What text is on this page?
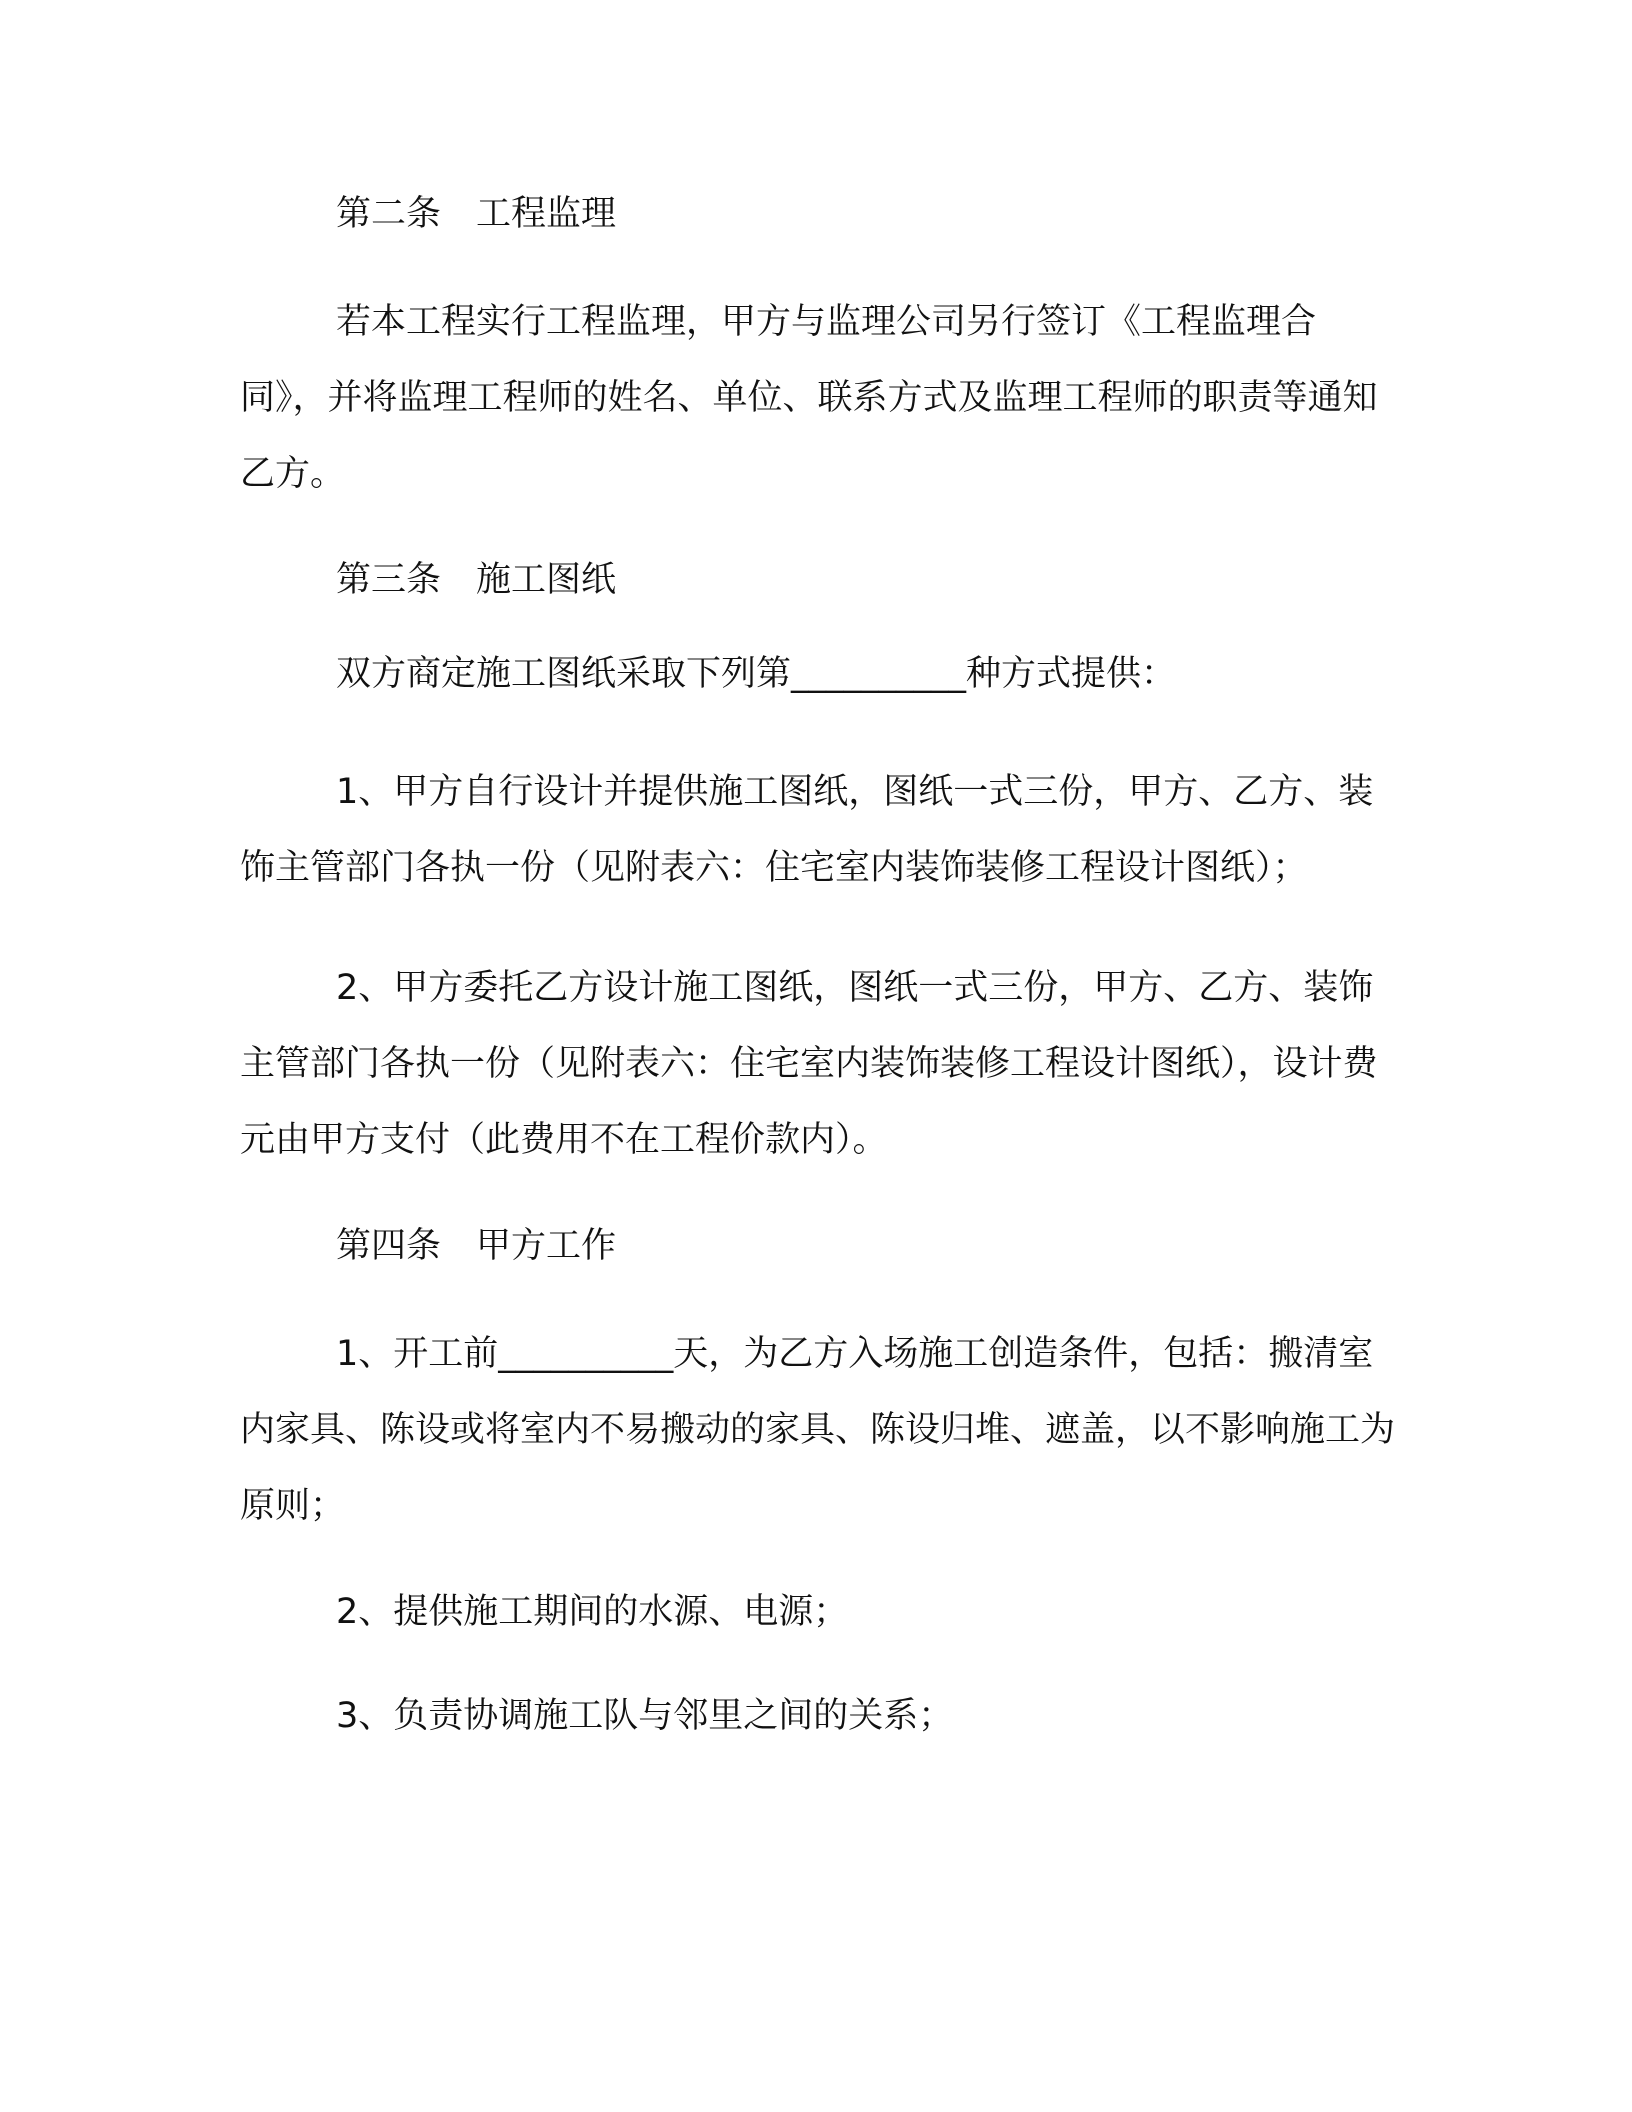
第二条　工程监理

若本工程实行工程监理，甲方与监理公司另行签订《工程监理合同》，并将监理工程师的姓名、单位、联系方式及监理工程师的职责等通知乙方。

第三条　施工图纸

双方商定施工图纸采取下列第__________种方式提供：

1、甲方自行设计并提供施工图纸，图纸一式三份，甲方、乙方、装饰主管部门各执一份（见附表六：住宅室内装饰装修工程设计图纸）；

2、甲方委托乙方设计施工图纸，图纸一式三份，甲方、乙方、装饰主管部门各执一份（见附表六：住宅室内装饰装修工程设计图纸），设计费元由甲方支付（此费用不在工程价款内）。

第四条　甲方工作

1、开工前__________天，为乙方入场施工创造条件，包括：搬清室内家具、陈设或将室内不易搬动的家具、陈设归堆、遮盖，以不影响施工为原则；

2、提供施工期间的水源、电源；

3、负责协调施工队与邻里之间的关系；
